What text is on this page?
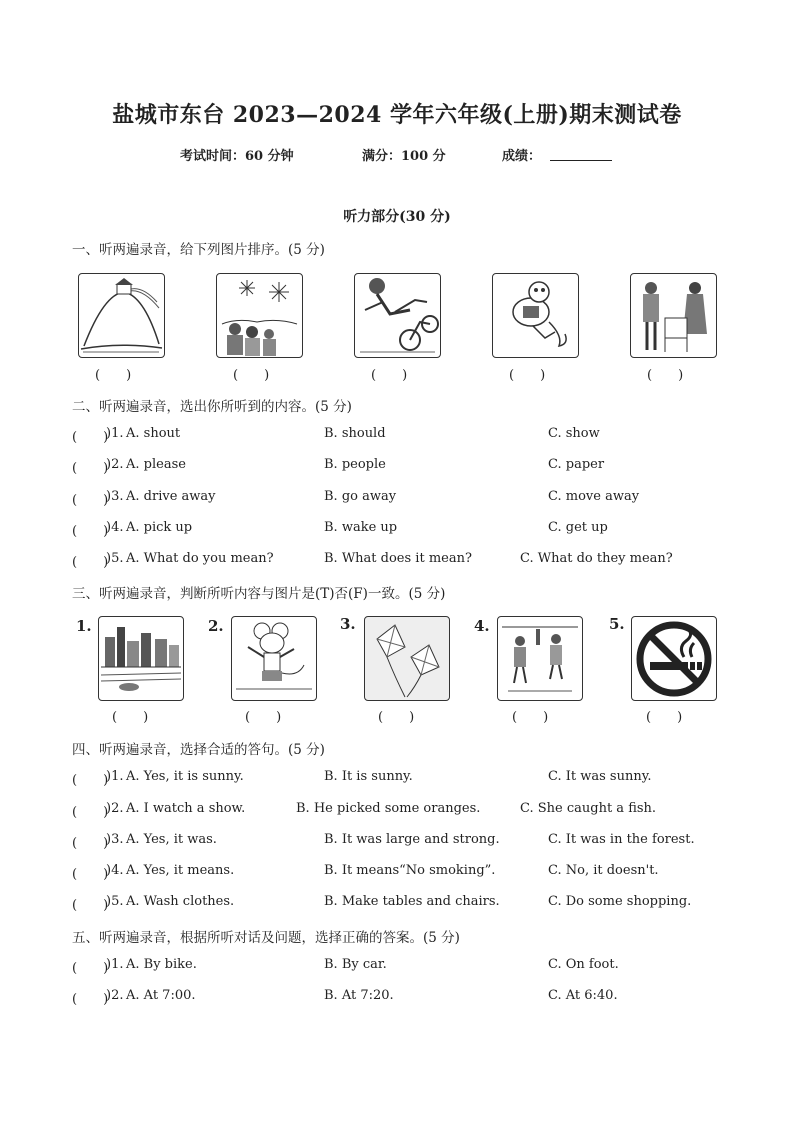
盐城市东台 2023—2024 学年六年级(上册)期末测试卷
考试时间：60 分钟	满分：100 分	成绩：
听力部分(30 分)
一、听两遍录音，给下列图片排序。(5 分)
(　　)	(　　)	(　　)	(　　)	(　　)
二、听两遍录音，选出你所听到的内容。(5 分)
(　　)
)1. A. shout	B. should	C. show
(　　)
)2. A. please	B. people	C. paper
(　　)
)3. A. drive away	B. go away	C. move away
(　　)
)4. A. pick up	B. wake up	C. get up
(　　)
)5. A. What do you mean?	B. What does it mean?	C. What do they mean?
三、听两遍录音，判断所听内容与图片是(T)否(F)一致。(5 分)
1.	2.	3.	4.	5.
(　　)	(　　)	(　　)	(　　)	(　　)
四、听两遍录音，选择合适的答句。(5 分)
(　　)
)1. A. Yes, it is sunny.	B. It is sunny.	C. It was sunny.
(　　)
)2. A. I watch a show.	B. He picked some oranges.	C. She caught a fish.
(　　)
)3. A. Yes, it was.	B. It was large and strong.	C. It was in the forest.
(　　)
)4. A. Yes, it means.	B. It means“No smoking”.	C. No, it doesn't.
(　　)
)5. A. Wash clothes.	B. Make tables and chairs.	C. Do some shopping.
五、听两遍录音，根据所听对话及问题，选择正确的答案。(5 分)
(　　)
)1. A. By bike.	B. By car.	C. On foot.
(　　)
)2. A. At 7:00.	B. At 7:20.	C. At 6:40.
